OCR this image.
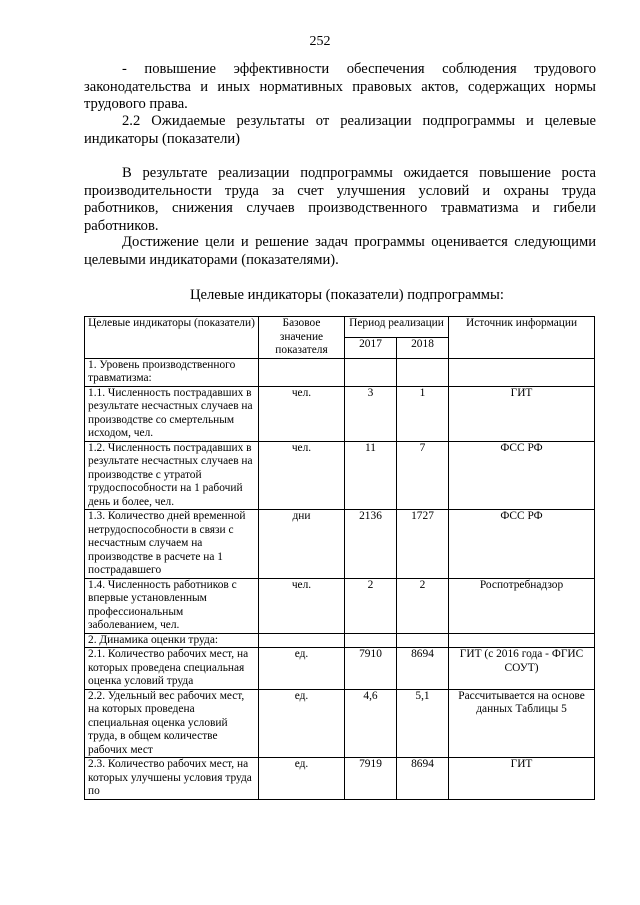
252

- повышение эффективности обеспечения соблюдения трудового законодательства и иных нормативных правовых актов, содержащих нормы трудового права.

2.2 Ожидаемые результаты от реализации подпрограммы и целевые индикаторы (показатели)

В результате реализации подпрограммы ожидается повышение роста производительности труда за счет улучшения условий и охраны труда работников, снижения случаев производственного травматизма и гибели работников.

Достижение цели и решение задач программы оценивается следующими целевыми индикаторами (показателями).

Целевые индикаторы (показатели) подпрограммы:
Целевые индикаторы (показатели)	Базовое значение показателя	Период реализации		Источник информации
		2017	2018	
1. Уровень производственного травматизма:				
1.1. Численность пострадавших в результате несчастных случаев на производстве со смертельным исходом, чел.	чел.	3	1	ГИТ
1.2. Численность пострадавших в результате несчастных случаев на производстве с утратой трудоспособности на 1 рабочий день и более, чел.	чел.	11	7	ФСС РФ
1.3. Количество дней временной нетрудоспособности в связи с несчастным случаем на производстве в расчете на 1 пострадавшего	дни	2136	1727	ФСС РФ
1.4. Численность работников с впервые установленным профессиональным заболеванием, чел.	чел.	2	2	Роспотребнадзор
2. Динамика оценки труда:				
2.1. Количество рабочих мест, на которых проведена специальная оценка условий труда	ед.	7910	8694	ГИТ (с 2016 года - ФГИС СОУТ)
2.2. Удельный вес рабочих мест, на которых проведена специальная оценка условий труда, в общем количестве рабочих мест	ед.	4,6	5,1	Рассчитывается на основе данных Таблицы 5
2.3. Количество рабочих мест, на которых улучшены условия труда по	ед.	7919	8694	ГИТ
